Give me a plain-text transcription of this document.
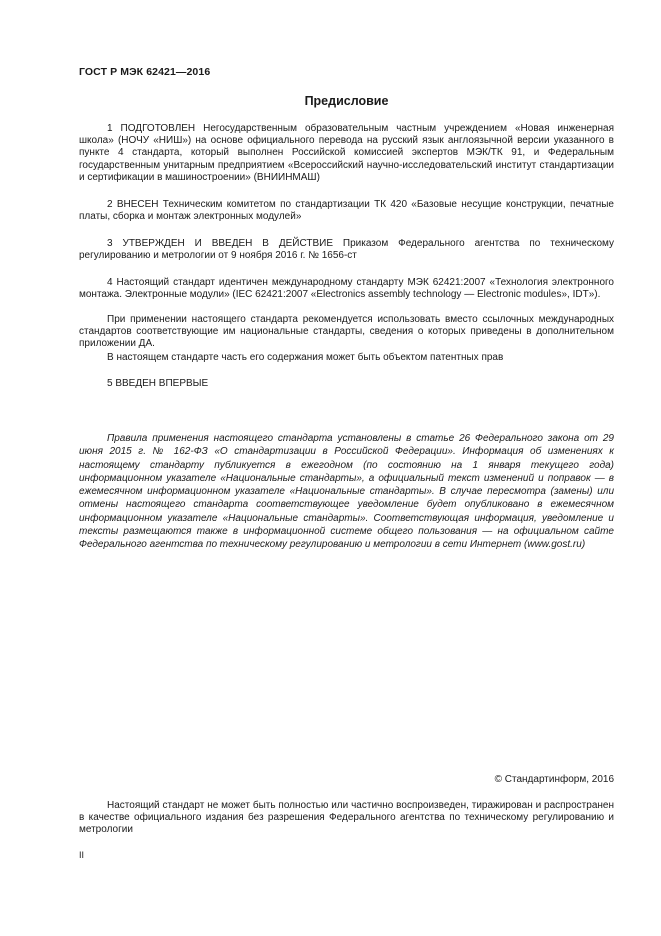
ГОСТ Р МЭК 62421—2016
Предисловие

1 ПОДГОТОВЛЕН Негосударственным образовательным частным учреждением «Новая инженерная школа» (НОЧУ «НИШ») на основе официального перевода на русский язык англоязычной версии указанного в пункте 4 стандарта, который выполнен Российской комиссией экспертов МЭК/ТК 91, и Федеральным государственным унитарным предприятием «Всероссийский научно-исследовательский институт стандартизации и сертификации в машиностроении» (ВНИИНМАШ)

2 ВНЕСЕН Техническим комитетом по стандартизации ТК 420 «Базовые несущие конструкции, печатные платы, сборка и монтаж электронных модулей»

3 УТВЕРЖДЕН И ВВЕДЕН В ДЕЙСТВИЕ Приказом Федерального агентства по техническому регулированию и метрологии от 9 ноября 2016 г. № 1656-ст

4 Настоящий стандарт идентичен международному стандарту МЭК 62421:2007 «Технология электронного монтажа. Электронные модули» (IEC 62421:2007 «Electronics assembly technology — Electronic modules», IDT»).

При применении настоящего стандарта рекомендуется использовать вместо ссылочных международных стандартов соответствующие им национальные стандарты, сведения о которых приведены в дополнительном приложении ДА.

В настоящем стандарте часть его содержания может быть объектом патентных прав

5 ВВЕДЕН ВПЕРВЫЕ

Правила применения настоящего стандарта установлены в статье 26 Федерального закона от 29 июня 2015 г. № 162-ФЗ «О стандартизации в Российской Федерации». Информация об изменениях к настоящему стандарту публикуется в ежегодном (по состоянию на 1 января текущего года) информационном указателе «Национальные стандарты», а официальный текст изменений и поправок — в ежемесячном информационном указателе «Национальные стандарты». В случае пересмотра (замены) или отмены настоящего стандарта соответствующее уведомление будет опубликовано в ежемесячном информационном указателе «Национальные стандарты». Соответствующая информация, уведомление и тексты размещаются также в информационной системе общего пользования — на официальном сайте Федерального агентства по техническому регулированию и метрологии в сети Интернет (www.gost.ru)

© Стандартинформ, 2016

Настоящий стандарт не может быть полностью или частично воспроизведен, тиражирован и распространен в качестве официального издания без разрешения Федерального агентства по техническому регулированию и метрологии

II
